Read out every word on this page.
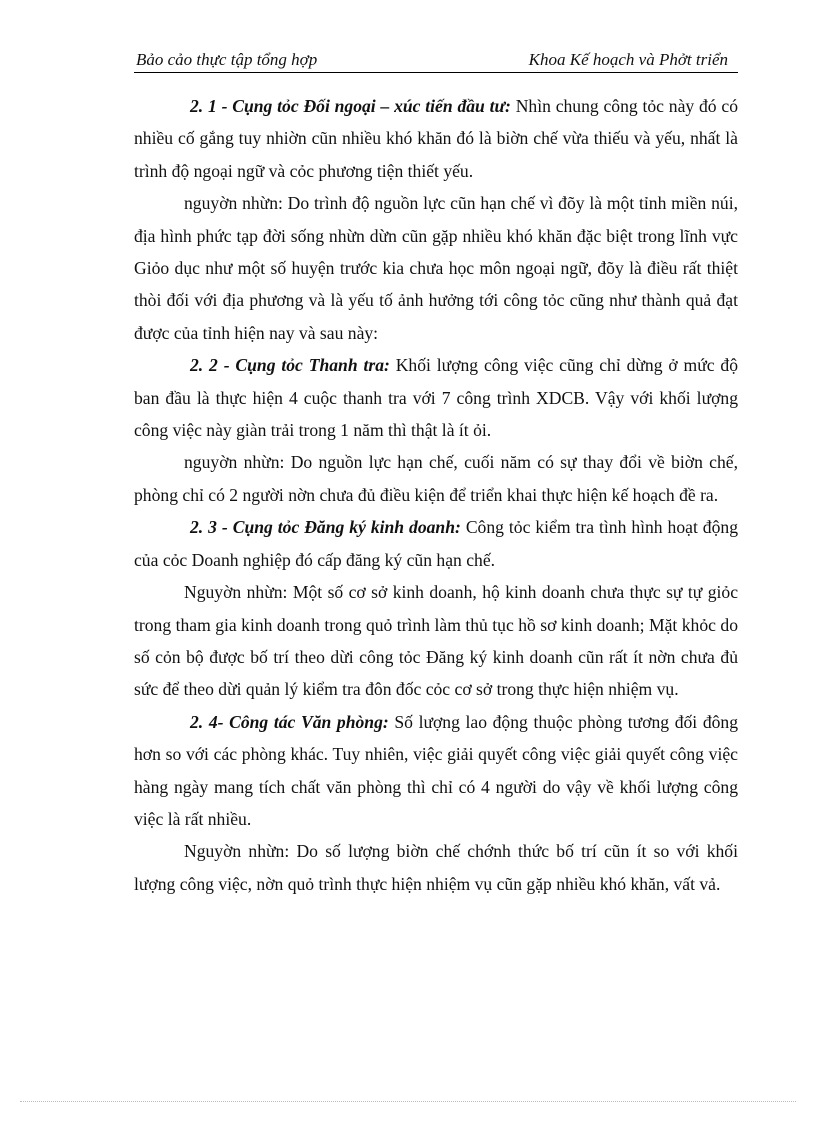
Bảo cảo thực tập tổng hợp	Khoa Kế hoạch và Phởt triển

2. 1 - Cụng tỏc Đối ngoại – xúc tiến đầu tư: Nhìn chung công tỏc này đó có nhiều cố gắng tuy nhiờn cũn nhiều khó khăn đó là biờn chế vừa thiếu và yếu, nhất là trình độ ngoại ngữ và cỏc phương tiện thiết yếu.

nguyờn nhừn: Do trình độ nguồn lực cũn hạn chế vì đõy là một tỉnh miền núi, địa hình phức tạp đời sống nhừn dừn cũn gặp nhiều khó khăn đặc biệt trong lĩnh vực Giỏo dục như một số huyện trước kia chưa học môn ngoại ngữ, đõy là điều rất thiệt thòi đối với địa phương và là yếu tố ảnh hưởng tới công tỏc cũng như thành quả đạt được của tỉnh hiện nay và sau này:

2. 2 - Cụng tỏc Thanh tra: Khối lượng công việc cũng chỉ dừng ở mức độ ban đầu là thực hiện 4 cuộc thanh tra với 7 công trình XDCB. Vậy với khối lượng công việc này giàn trải trong 1 năm thì thật là ít ỏi.

nguyờn nhừn: Do nguồn lực hạn chế, cuối năm có sự thay đổi về biờn chế, phòng chỉ có 2 người nờn chưa đủ điều kiện để triển khai thực hiện kế hoạch đề ra.

2. 3 - Cụng tỏc Đăng ký kinh doanh: Công tỏc kiểm tra tình hình hoạt động của cỏc Doanh nghiệp đó cấp đăng ký cũn hạn chế.

Nguyờn nhừn: Một số cơ sở kinh doanh, hộ kinh doanh chưa thực sự tự giỏc trong tham gia kinh doanh trong quỏ trình làm thủ tục hồ sơ kinh doanh; Mặt khỏc do số cỏn bộ được bố trí theo dừi công tỏc Đăng ký kinh doanh cũn rất ít nờn chưa đủ sức để theo dừi quản lý kiểm tra đôn đốc cỏc cơ sở trong thực hiện nhiệm vụ.

2. 4- Công tác Văn phòng: Số lượng lao động thuộc phòng tương đối đông hơn so với các phòng khác. Tuy nhiên, việc giải quyết công việc giải quyết công việc hàng ngày mang tích chất văn phòng thì chỉ có 4 người do vậy về khối lượng công việc là rất nhiều.

Nguyờn nhừn: Do số lượng biờn chế chớnh thức bố trí cũn ít so với khối lượng công việc, nờn quỏ trình thực hiện nhiệm vụ cũn gặp nhiều khó khăn, vất vả.
